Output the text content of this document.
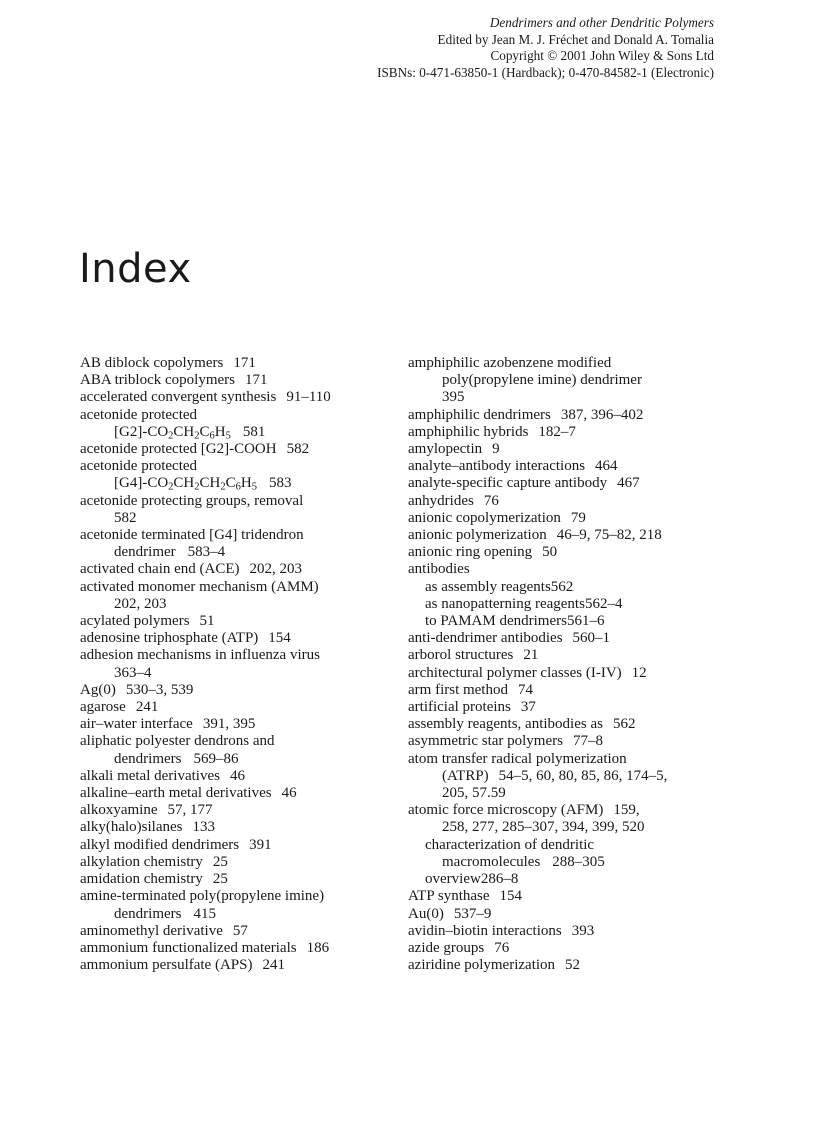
Dendrimers and other Dendritic Polymers
Edited by Jean M. J. Fréchet and Donald A. Tomalia
Copyright © 2001 John Wiley & Sons Ltd
ISBNs: 0-471-63850-1 (Hardback); 0-470-84582-1 (Electronic)
Index
AB diblock copolymers 171
ABA triblock copolymers 171
accelerated convergent synthesis 91–110
acetonide protected
$[G2]-CO_2CH_2C_6H_5$ 581
acetonide protected [G2]-COOH 582
acetonide protected
$[G4]-CO_2CH_2CH_2C_6H_5$ 583
acetonide protecting groups, removal
582
acetonide terminated [G4] tridendron
dendrimer 583–4
activated chain end (ACE) 202, 203
activated monomer mechanism (AMM)
202, 203
acylated polymers 51
adenosine triphosphate (ATP) 154
adhesion mechanisms in influenza virus
363–4
Ag(0) 530–3, 539
agarose 241
air–water interface 391, 395
aliphatic polyester dendrons and
dendrimers 569–86
alkali metal derivatives 46
alkaline–earth metal derivatives 46
alkoxyamine 57, 177
alky(halo)silanes 133
alkyl modified dendrimers 391
alkylation chemistry 25
amidation chemistry 25
amine-terminated poly(propylene imine)
dendrimers 415
aminomethyl derivative 57
ammonium functionalized materials 186
ammonium persulfate (APS) 241
amphiphilic azobenzene modified
poly(propylene imine) dendrimer
395
amphiphilic dendrimers 387, 396–402
amphiphilic hybrids 182–7
amylopectin 9
analyte–antibody interactions 464
analyte-specific capture antibody 467
anhydrides 76
anionic copolymerization 79
anionic polymerization 46–9, 75–82, 218
anionic ring opening 50
antibodies
as assembly reagents562
as nanopatterning reagents562–4
to PAMAM dendrimers561–6
anti-dendrimer antibodies 560–1
arborol structures 21
architectural polymer classes (I-IV) 12
arm first method 74
artificial proteins 37
assembly reagents, antibodies as 562
asymmetric star polymers 77–8
atom transfer radical polymerization
(ATRP) 54–5, 60, 80, 85, 86, 174–5,
205, 57.59
atomic force microscopy (AFM) 159,
258, 277, 285–307, 394, 399, 520
characterization of dendritic
macromolecules 288–305
overview286–8
ATP synthase 154
Au(0) 537–9
avidin–biotin interactions 393
azide groups 76
aziridine polymerization 52
